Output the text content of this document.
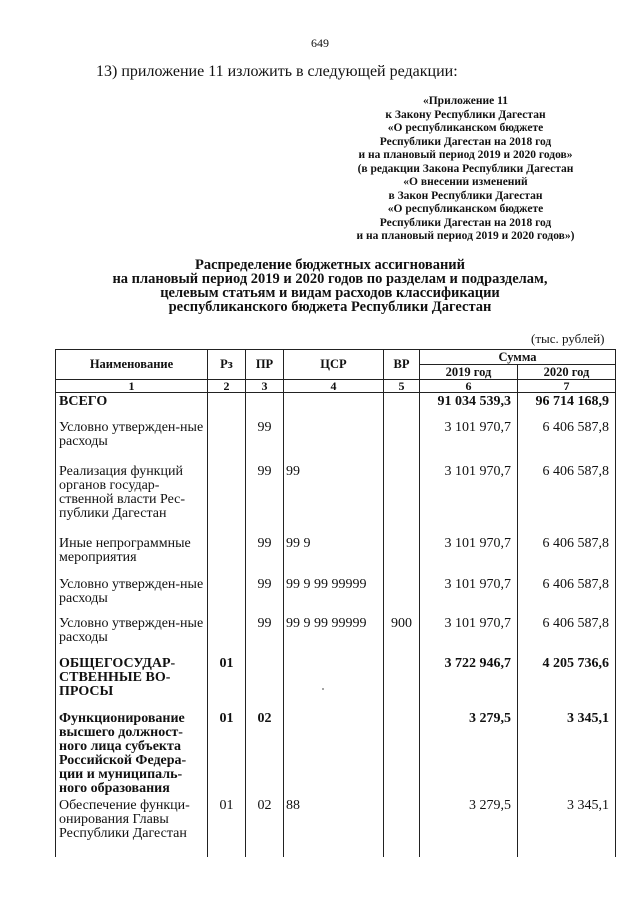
649
13) приложение 11 изложить в следующей редакции:
«Приложение 11
к Закону Республики Дагестан
«О республиканском бюджете
Республики Дагестан на 2018 год
и на плановый период 2019 и 2020 годов»
(в редакции Закона Республики Дагестан
«О внесении изменений
в Закон Республики Дагестан
«О республиканском бюджете
Республики Дагестан на 2018 год
и на плановый период 2019 и 2020 годов»)
Распределение бюджетных ассигнований
на плановый период 2019 и 2020 годов по разделам и подразделам,
целевым статьям и видам расходов классификации
республиканского бюджета Республики Дагестан
(тыс. рублей)
Наименование	Рз	ПР	ЦСР	ВР	Сумма	
					2019 год	2020 год
1	2	3	4	5	6	7
ВСЕГО					91 034 539,3	96 714 168,9
Условно утвержден-ные расходы		99			3 101 970,7	6 406 587,8
Реализация функций органов государ-ственной власти Рес-публики Дагестан		99	99		3 101 970,7	6 406 587,8
Иные непрограммные мероприятия		99	99 9		3 101 970,7	6 406 587,8
Условно утвержден-ные расходы		99	99 9 99 99999		3 101 970,7	6 406 587,8
Условно утвержден-ные расходы		99	99 9 99 99999	900	3 101 970,7	6 406 587,8
ОБЩЕГОСУДАР-СТВЕННЫЕ ВО-ПРОСЫ	01				3 722 946,7	4 205 736,6
Функционирование высшего должност-ного лица субъекта Российской Федера-ции и муниципаль-ного образования	01	02			3 279,5	3 345,1
Обеспечение функци-онирования Главы Республики Дагестан	01	02	88		3 279,5	3 345,1
